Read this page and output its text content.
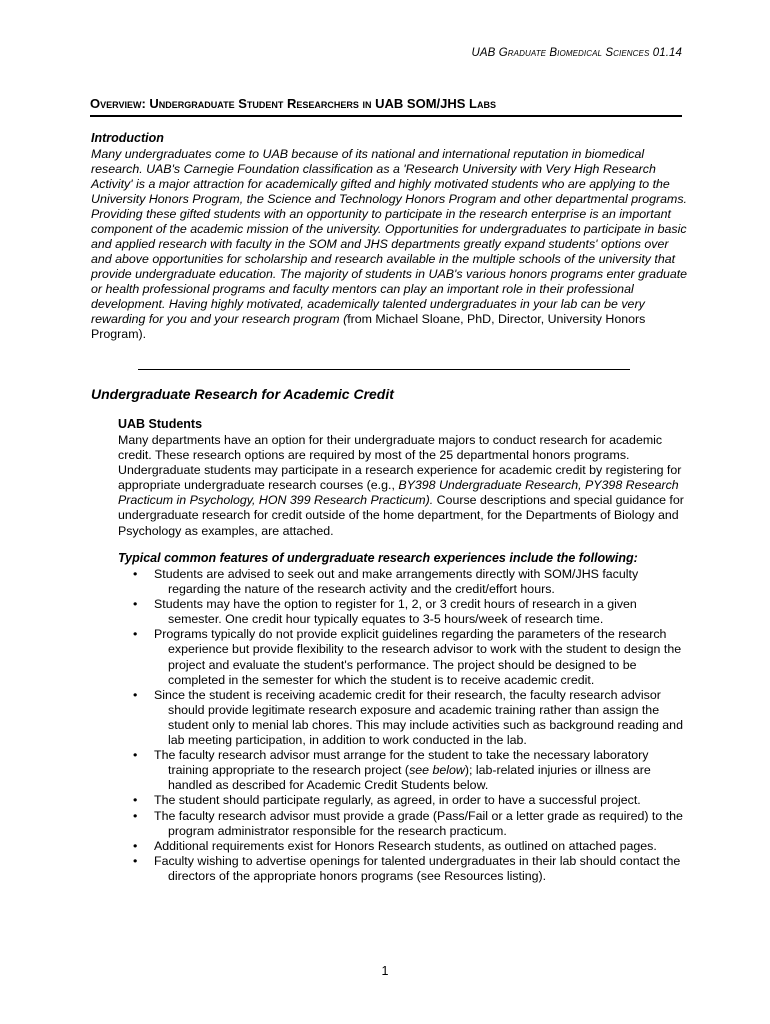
UAB Graduate Biomedical Sciences 01.14
Overview: Undergraduate Student Researchers in UAB SOM/JHS Labs
Introduction
Many undergraduates come to UAB because of its national and international reputation in biomedical research. UAB's Carnegie Foundation classification as a 'Research University with Very High Research Activity' is a major attraction for academically gifted and highly motivated students who are applying to the University Honors Program, the Science and Technology Honors Program and other departmental programs. Providing these gifted students with an opportunity to participate in the research enterprise is an important component of the academic mission of the university. Opportunities for undergraduates to participate in basic and applied research with faculty in the SOM and JHS departments greatly expand students' options over and above opportunities for scholarship and research available in the multiple schools of the university that provide undergraduate education. The majority of students in UAB's various honors programs enter graduate or health professional programs and faculty mentors can play an important role in their professional development. Having highly motivated, academically talented undergraduates in your lab can be very rewarding for you and your research program (from Michael Sloane, PhD, Director, University Honors Program).
Undergraduate Research for Academic Credit
UAB Students
Many departments have an option for their undergraduate majors to conduct research for academic credit. These research options are required by most of the 25 departmental honors programs. Undergraduate students may participate in a research experience for academic credit by registering for appropriate undergraduate research courses (e.g., BY398 Undergraduate Research, PY398 Research Practicum in Psychology, HON 399 Research Practicum). Course descriptions and special guidance for undergraduate research for credit outside of the home department, for the Departments of Biology and Psychology as examples, are attached.
Typical common features of undergraduate research experiences include the following:
•	Students are advised to seek out and make arrangements directly with SOM/JHS faculty regarding the nature of the research activity and the credit/effort hours.
•	Students may have the option to register for 1, 2, or 3 credit hours of research in a given semester. One credit hour typically equates to 3-5 hours/week of research time.
•	Programs typically do not provide explicit guidelines regarding the parameters of the research experience but provide flexibility to the research advisor to work with the student to design the project and evaluate the student's performance. The project should be designed to be completed in the semester for which the student is to receive academic credit.
•	Since the student is receiving academic credit for their research, the faculty research advisor should provide legitimate research exposure and academic training rather than assign the student only to menial lab chores. This may include activities such as background reading and lab meeting participation, in addition to work conducted in the lab.
•	The faculty research advisor must arrange for the student to take the necessary laboratory training appropriate to the research project (see below); lab-related injuries or illness are handled as described for Academic Credit Students below.
•	The student should participate regularly, as agreed, in order to have a successful project.
•	The faculty research advisor must provide a grade (Pass/Fail or a letter grade as required) to the program administrator responsible for the research practicum.
•	Additional requirements exist for Honors Research students, as outlined on attached pages.
•	Faculty wishing to advertise openings for talented undergraduates in their lab should contact the directors of the appropriate honors programs (see Resources listing).
1
